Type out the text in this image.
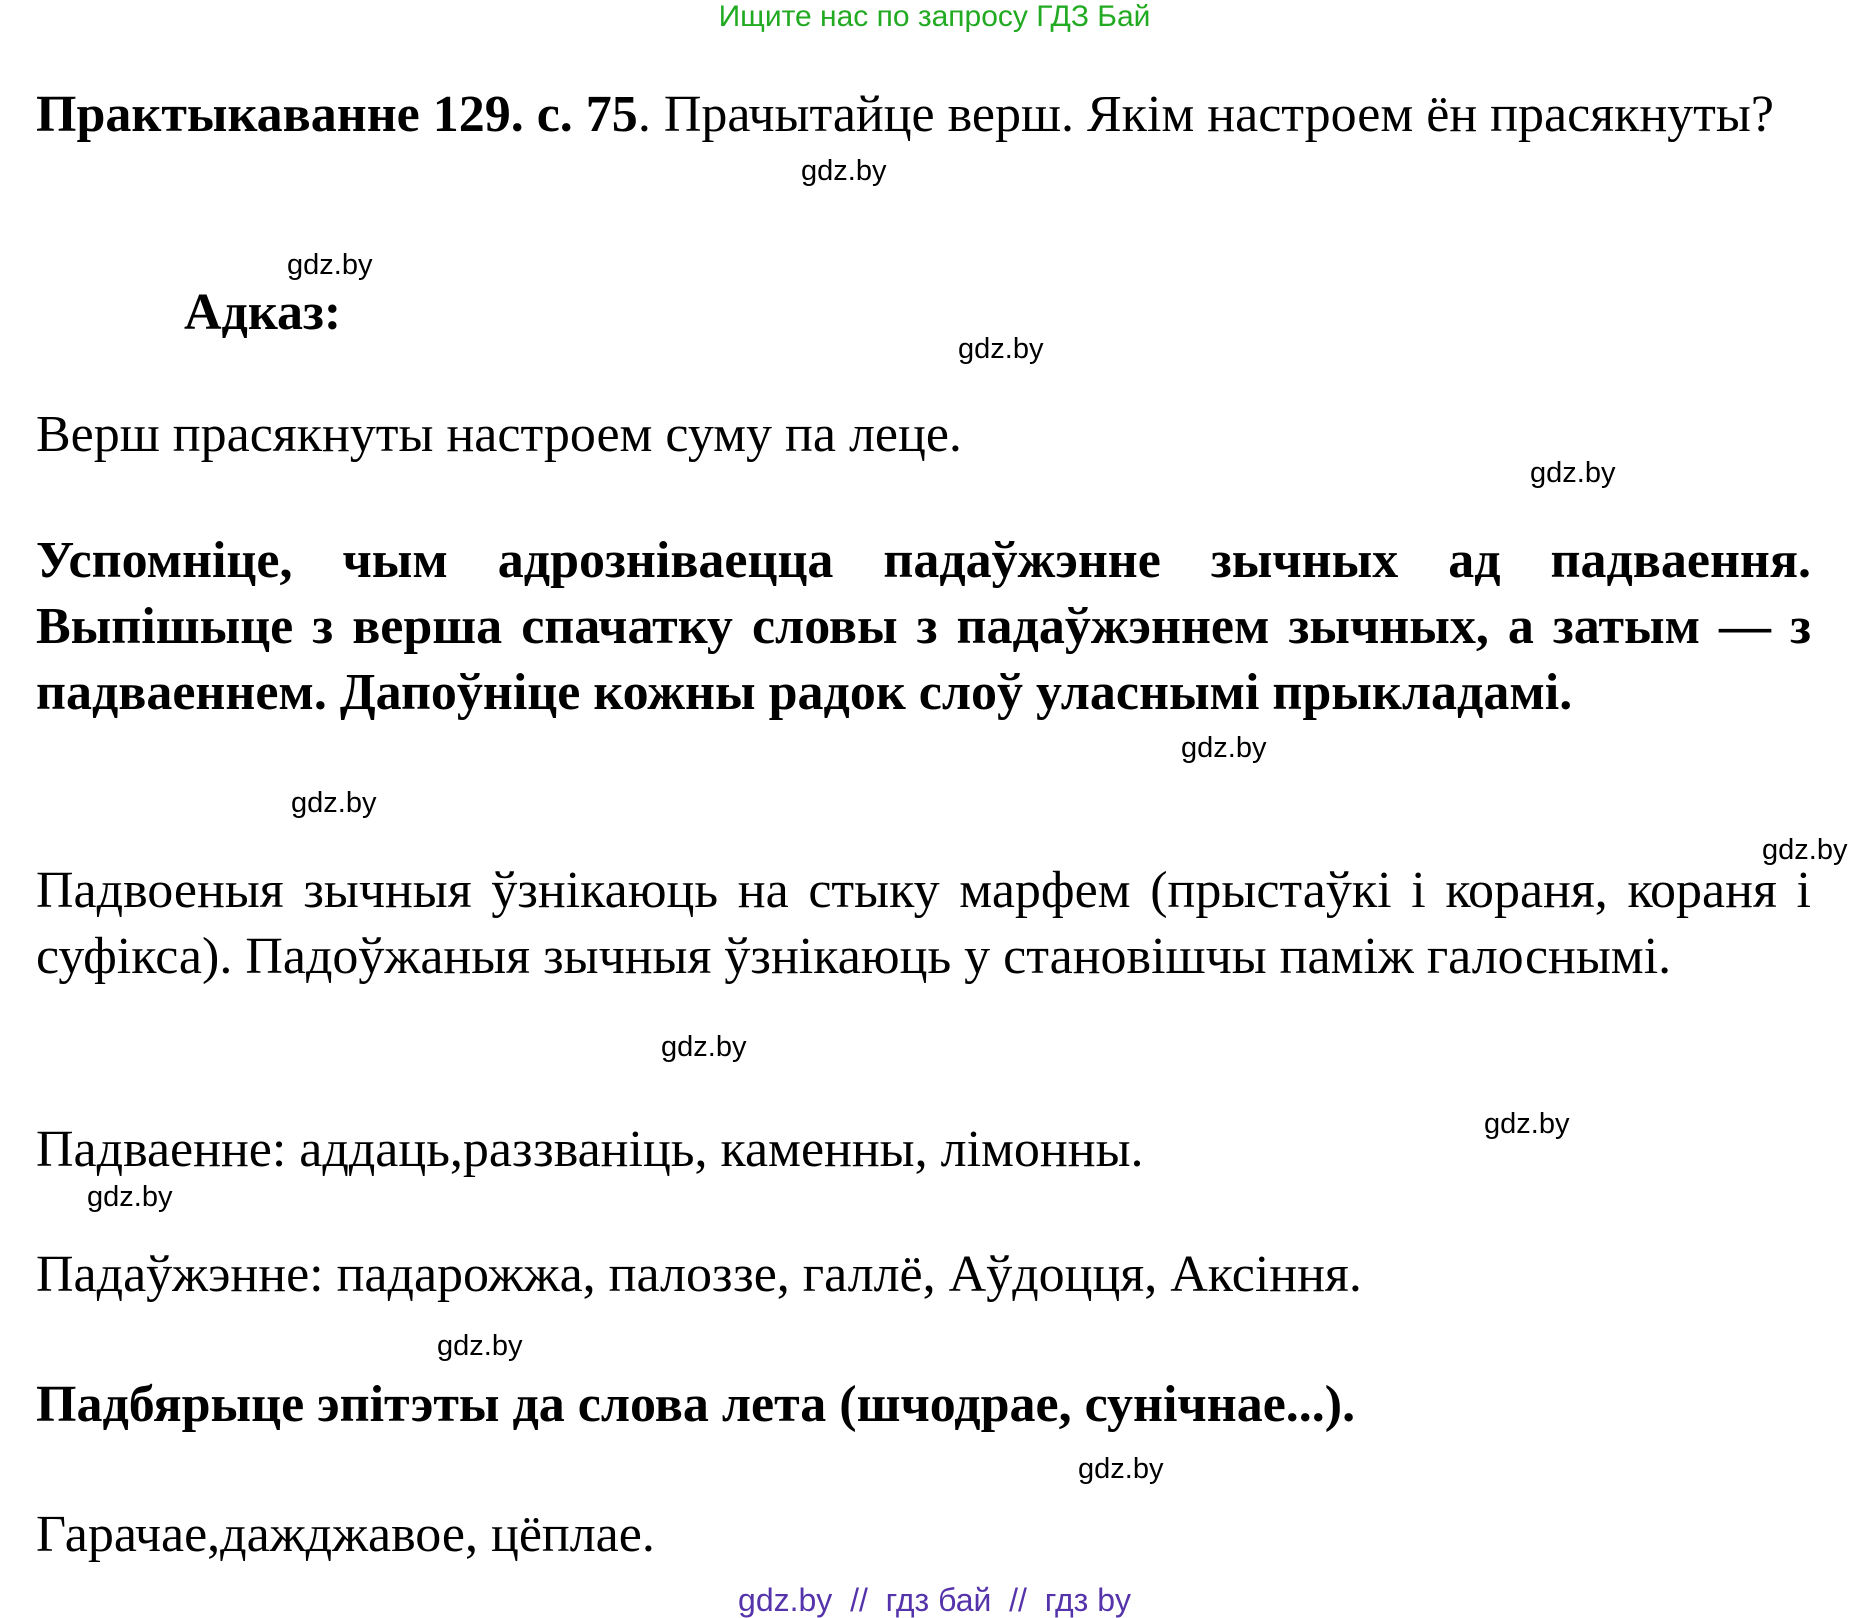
Ищите нас по запросу ГДЗ Бай
Практыкаванне 129. с. 75. Прачытайце верш. Якім настроем ён прасякнуты?
Адказ:
Верш прасякнуты настроем суму па леце.
Успомніце, чым адрозніваецца падаўжэнне зычных ад падваення. Выпішыце з верша спачатку словы з падаўжэннем зычных, а затым — з падваеннем. Дапоўніце кожны радок слоў уласнымі прыкладамі.
Падвоеныя зычныя ўзнікаюць на стыку марфем (прыстаўкі і кораня, кораня і суфікса). Падоўжаныя зычныя ўзнікаюць у становішчы паміж галоснымі.
Падваенне: аддаць,раззваніць, каменны, лімонны.
Падаўжэнне: падарожжа, палоззе, галлё, Аўдоцця, Аксіння.
Падбярыце эпітэты да слова лета (шчодрае, сунічнае...).
Гарачае,дажджавое, цёплае.
gdz.by
gdz.by
gdz.by
gdz.by
gdz.by
gdz.by
gdz.by
gdz.by
gdz.by
gdz.by
gdz.by
gdz.by
gdz.by  //  гдз бай  //  гдз by
